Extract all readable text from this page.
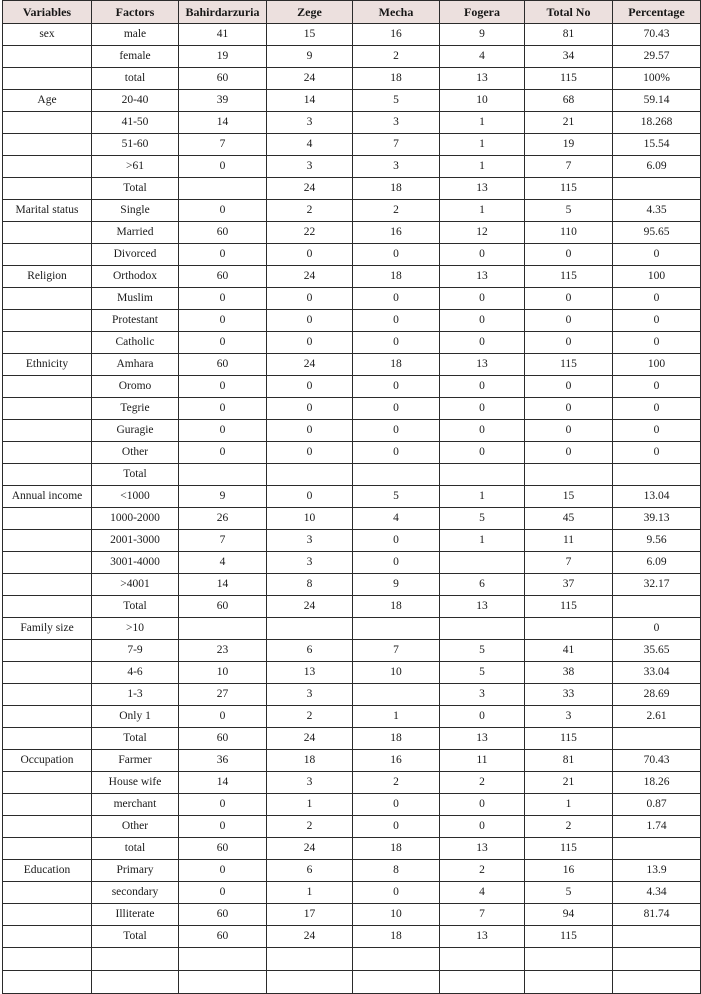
Variables	Factors	Bahirdarzuria	Zege	Mecha	Fogera	Total No	Percentage
sex	male	41	15	16	9	81	70.43
	female	19	9	2	4	34	29.57
	total	60	24	18	13	115	100%
Age	20-40	39	14	5	10	68	59.14
	41-50	14	3	3	1	21	18.268
	51-60	7	4	7	1	19	15.54
	>61	0	3	3	1	7	6.09
	Total		24	18	13	115	
Marital status	Single	0	2	2	1	5	4.35
	Married	60	22	16	12	110	95.65
	Divorced	0	0	0	0	0	0
Religion	Orthodox	60	24	18	13	115	100
	Muslim	0	0	0	0	0	0
	Protestant	0	0	0	0	0	0
	Catholic	0	0	0	0	0	0
Ethnicity	Amhara	60	24	18	13	115	100
	Oromo	0	0	0	0	0	0
	Tegrie	0	0	0	0	0	0
	Guragie	0	0	0	0	0	0
	Other	0	0	0	0	0	0
	Total						
Annual income	<1000	9	0	5	1	15	13.04
	1000-2000	26	10	4	5	45	39.13
	2001-3000	7	3	0	1	11	9.56
	3001-4000	4	3	0		7	6.09
	>4001	14	8	9	6	37	32.17
	Total	60	24	18	13	115	
Family size	>10						0
	7-9	23	6	7	5	41	35.65
	4-6	10	13	10	5	38	33.04
	1-3	27	3		3	33	28.69
	Only 1	0	2	1	0	3	2.61
	Total	60	24	18	13	115	
Occupation	Farmer	36	18	16	11	81	70.43
	House wife	14	3	2	2	21	18.26
	merchant	0	1	0	0	1	0.87
	Other	0	2	0	0	2	1.74
	total	60	24	18	13	115	
Education	Primary	0	6	8	2	16	13.9
	secondary	0	1	0	4	5	4.34
	Illiterate	60	17	10	7	94	81.74
	Total	60	24	18	13	115	
